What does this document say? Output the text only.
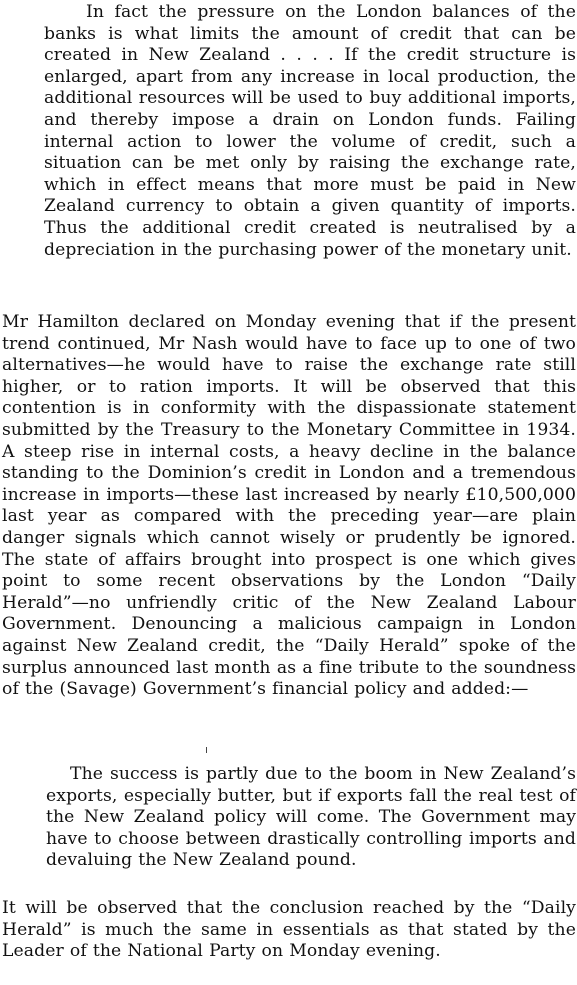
In fact the pressure on the London balances of the banks is what limits the amount of credit that can be created in New Zealand . . . . If the credit structure is enlarged, apart from any increase in local production, the additional resources will be used to buy additional imports, and thereby impose a drain on London funds. Failing internal action to lower the volume of credit, such a situation can be met only by raising the exchange rate, which in effect means that more must be paid in New Zealand currency to obtain a given quantity of imports. Thus the additional credit created is neutralised by a depreciation in the purchasing power of the monetary unit.

Mr Hamilton declared on Monday evening that if the present trend continued, Mr Nash would have to face up to one of two alternatives—he would have to raise the exchange rate still higher, or to ration imports. It will be observed that this contention is in conformity with the dispassionate statement submitted by the Treasury to the Monetary Committee in 1934. A steep rise in internal costs, a heavy decline in the balance standing to the Dominion’s credit in London and a tremendous increase in imports—these last increased by nearly £10,500,000 last year as compared with the preceding year—are plain danger signals which cannot wisely or prudently be ignored. The state of affairs brought into prospect is one which gives point to some recent observations by the London “Daily Herald”—no unfriendly critic of the New Zealand Labour Government. Denouncing a malicious campaign in London against New Zealand credit, the “Daily Herald” spoke of the surplus announced last month as a fine tribute to the soundness of the (Savage) Government’s financial policy and added:—

The success is partly due to the boom in New Zealand’s exports, especially butter, but if exports fall the real test of the New Zealand policy will come. The Government may have to choose between drastically controlling imports and devaluing the New Zealand pound.

It will be observed that the conclusion reached by the “Daily Herald” is much the same in essentials as that stated by the Leader of the National Party on Monday evening.
